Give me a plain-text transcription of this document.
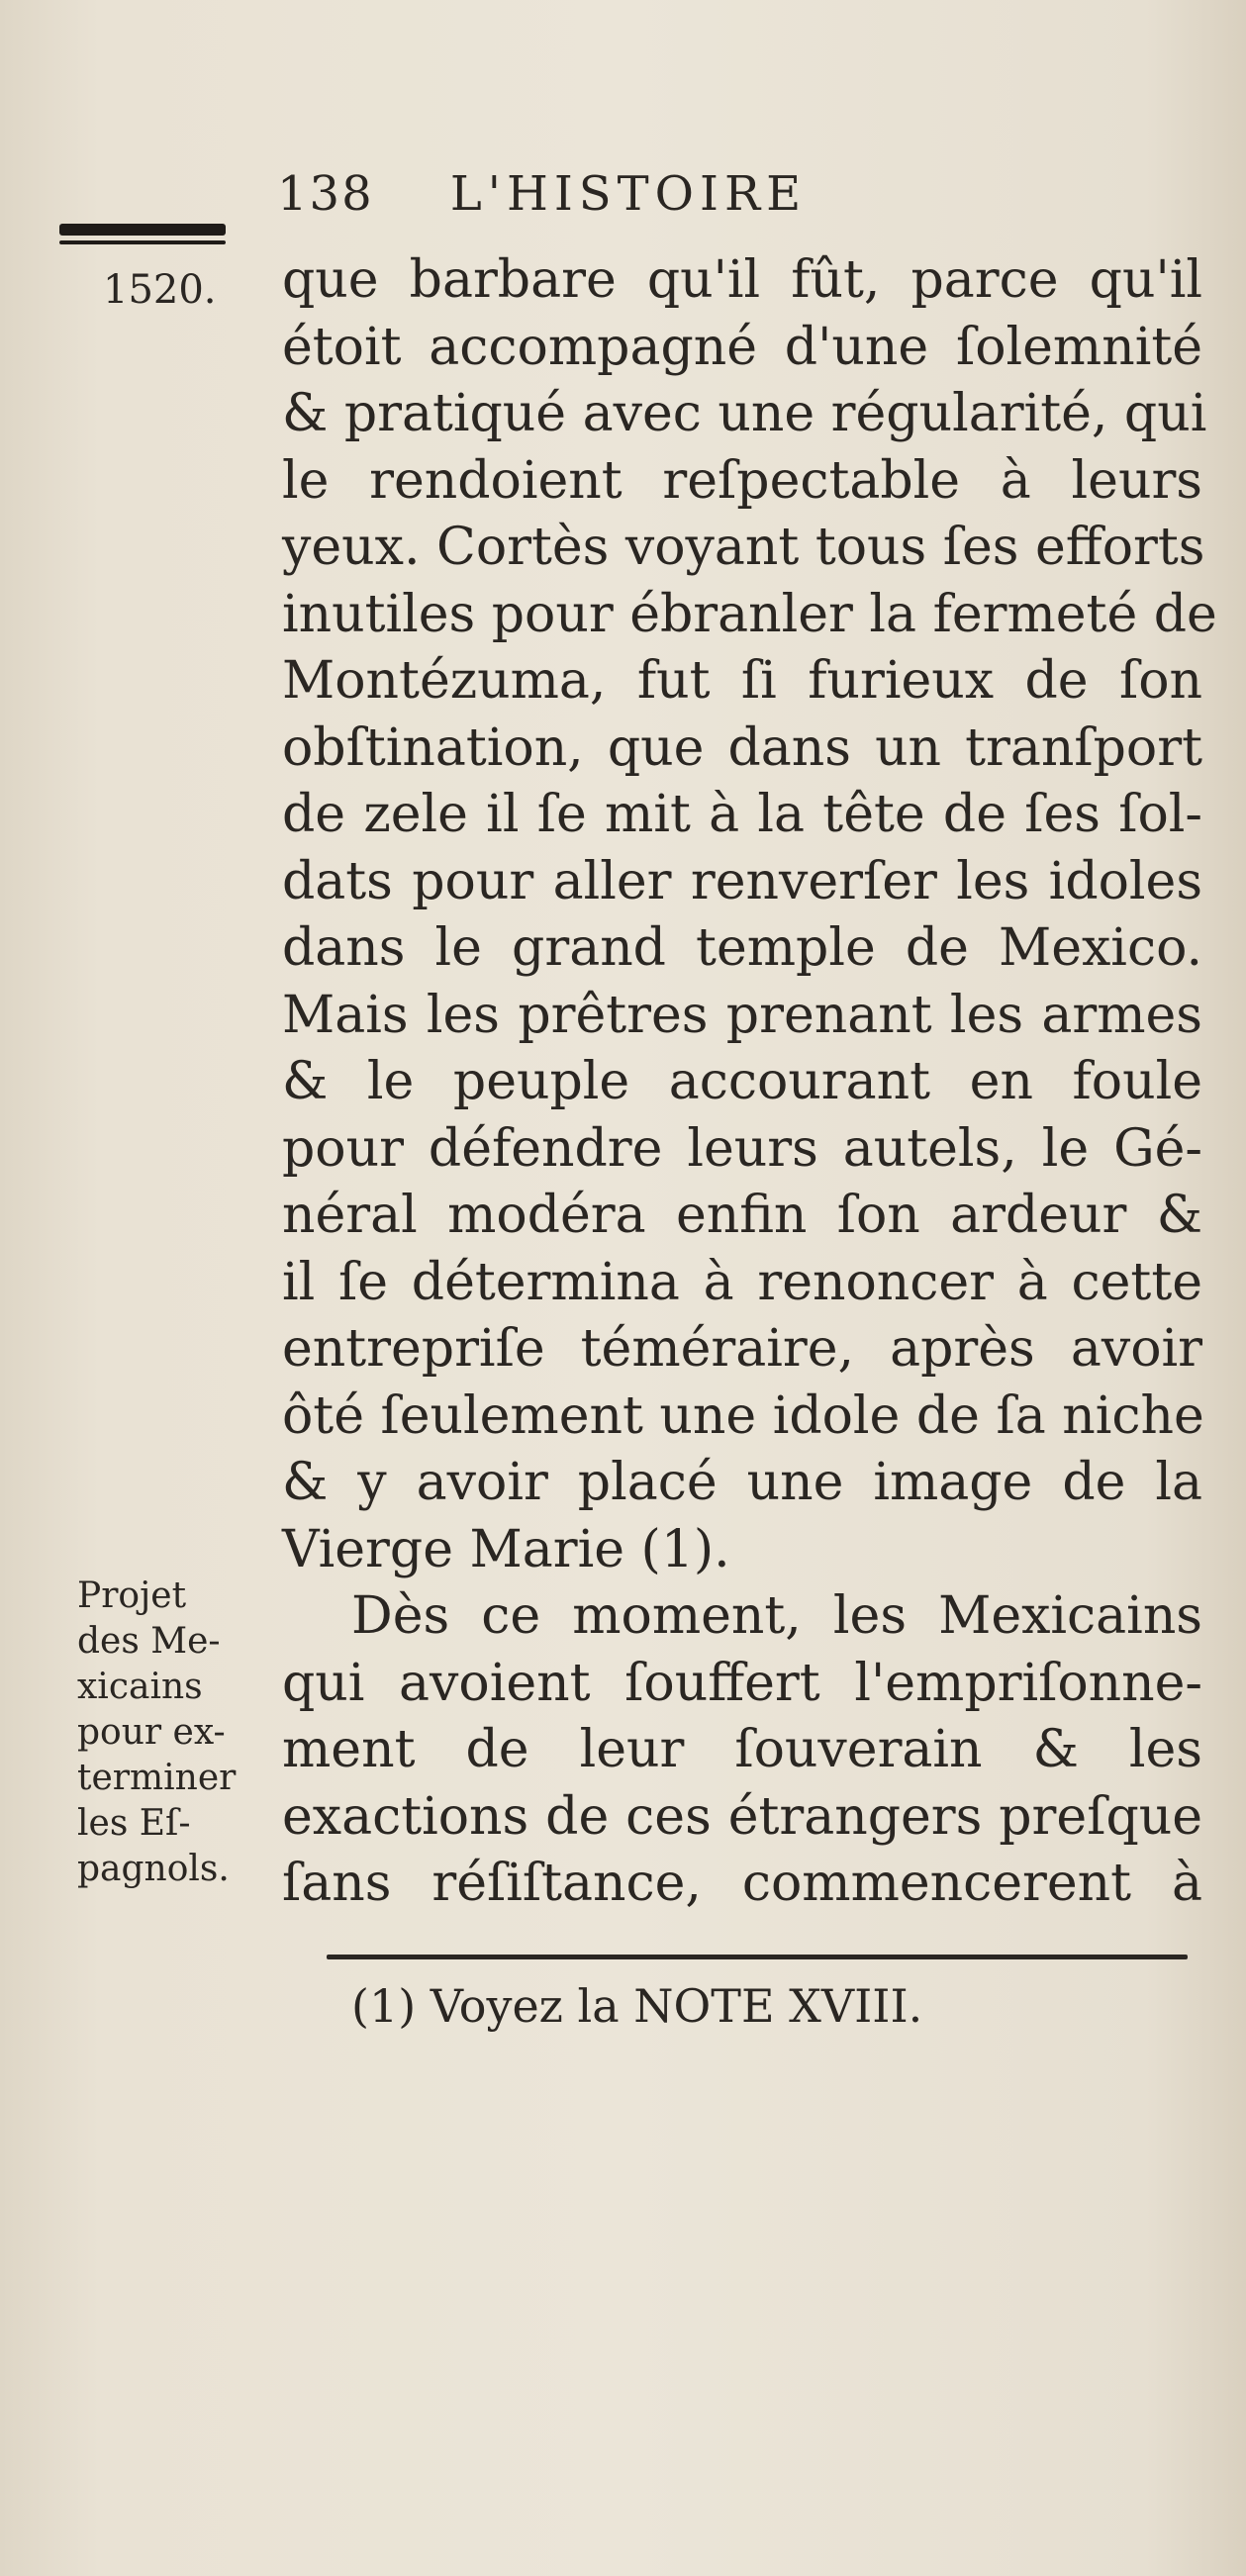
138 L'HISTOIRE
1520. que barbare qu'il fût, parce qu'il
étoit accompagné d'une ſolemnité
& pratiqué avec une régularité, qui
le rendoient reſpectable à leurs
yeux. Cortès voyant tous ſes efforts
inutiles pour ébranler la fermeté de
Montézuma, fut ſi furieux de ſon
obſtination, que dans un tranſport
de zele il ſe mit à la tête de ſes ſol-
dats pour aller renverſer les idoles
dans le grand temple de Mexico.
Mais les prêtres prenant les armes
& le peuple accourant en foule
pour défendre leurs autels, le Gé-
néral modéra enfin ſon ardeur &
il ſe détermina à renoncer à cette
entrepriſe téméraire, après avoir
ôté ſeulement une idole de ſa niche
& y avoir placé une image de la
Vierge Marie (1).
Dès ce moment, les Mexicains
qui avoient ſouffert l'empriſonne-
ment de leur ſouverain & les
exactions de ces étrangers preſque
ſans réſiſtance, commencerent à
Projet
des Me-
xicains
pour ex-
terminer
les Eſ-
pagnols.
(1) Voyez la NOTE XVIII.
